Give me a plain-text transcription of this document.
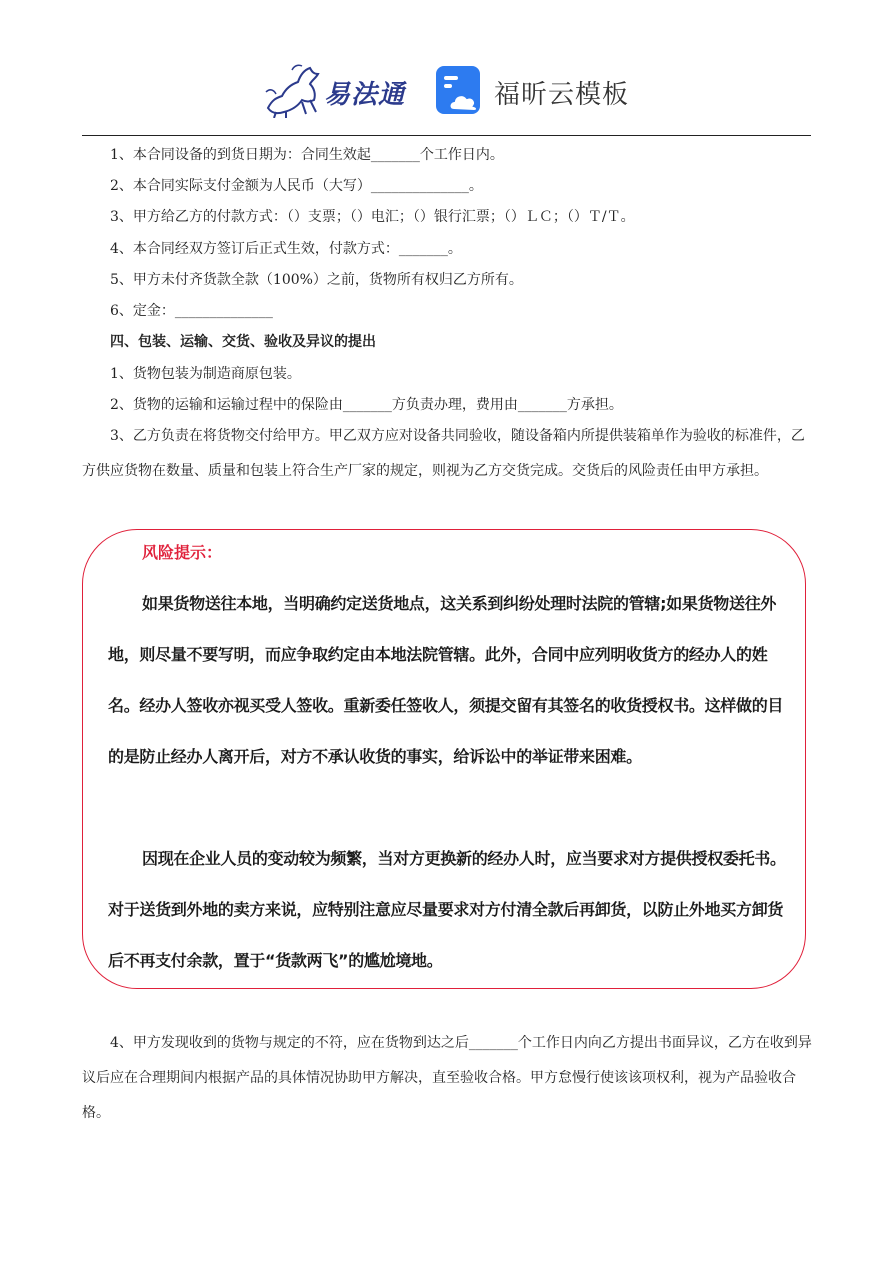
易法通	福昕云模板

1、本合同设备的到货日期为：合同生效起_______个工作日内。

2、本合同实际支付金额为人民币（大写）______________。

3、甲方给乙方的付款方式：（）支票；（）电汇；（）银行汇票；（）ＬＣ；（）Ｔ/Ｔ。

4、本合同经双方签订后正式生效，付款方式：_______。

5、甲方未付齐货款全款（100%）之前，货物所有权归乙方所有。

6、定金：______________

四、包装、运输、交货、验收及异议的提出

1、货物包装为制造商原包装。

2、货物的运输和运输过程中的保险由_______方负责办理，费用由_______方承担。

3、乙方负责在将货物交付给甲方。甲乙双方应对设备共同验收，随设备箱内所提供装箱单作为验收的标准件，乙方供应货物在数量、质量和包装上符合生产厂家的规定，则视为乙方交货完成。交货后的风险责任由甲方承担。

风险提示：

如果货物送往本地，当明确约定送货地点，这关系到纠纷处理时法院的管辖;如果货物送往外地，则尽量不要写明，而应争取约定由本地法院管辖。此外，合同中应列明收货方的经办人的姓名。经办人签收亦视买受人签收。重新委任签收人，须提交留有其签名的收货授权书。这样做的目的是防止经办人离开后，对方不承认收货的事实，给诉讼中的举证带来困难。

因现在企业人员的变动较为频繁，当对方更换新的经办人时，应当要求对方提供授权委托书。对于送货到外地的卖方来说，应特别注意应尽量要求对方付清全款后再卸货，以防止外地买方卸货后不再支付余款，置于“货款两飞”的尴尬境地。

4、甲方发现收到的货物与规定的不符，应在货物到达之后_______个工作日内向乙方提出书面异议，乙方在收到异议后应在合理期间内根据产品的具体情况协助甲方解决，直至验收合格。甲方怠慢行使该该项权利，视为产品验收合格。
